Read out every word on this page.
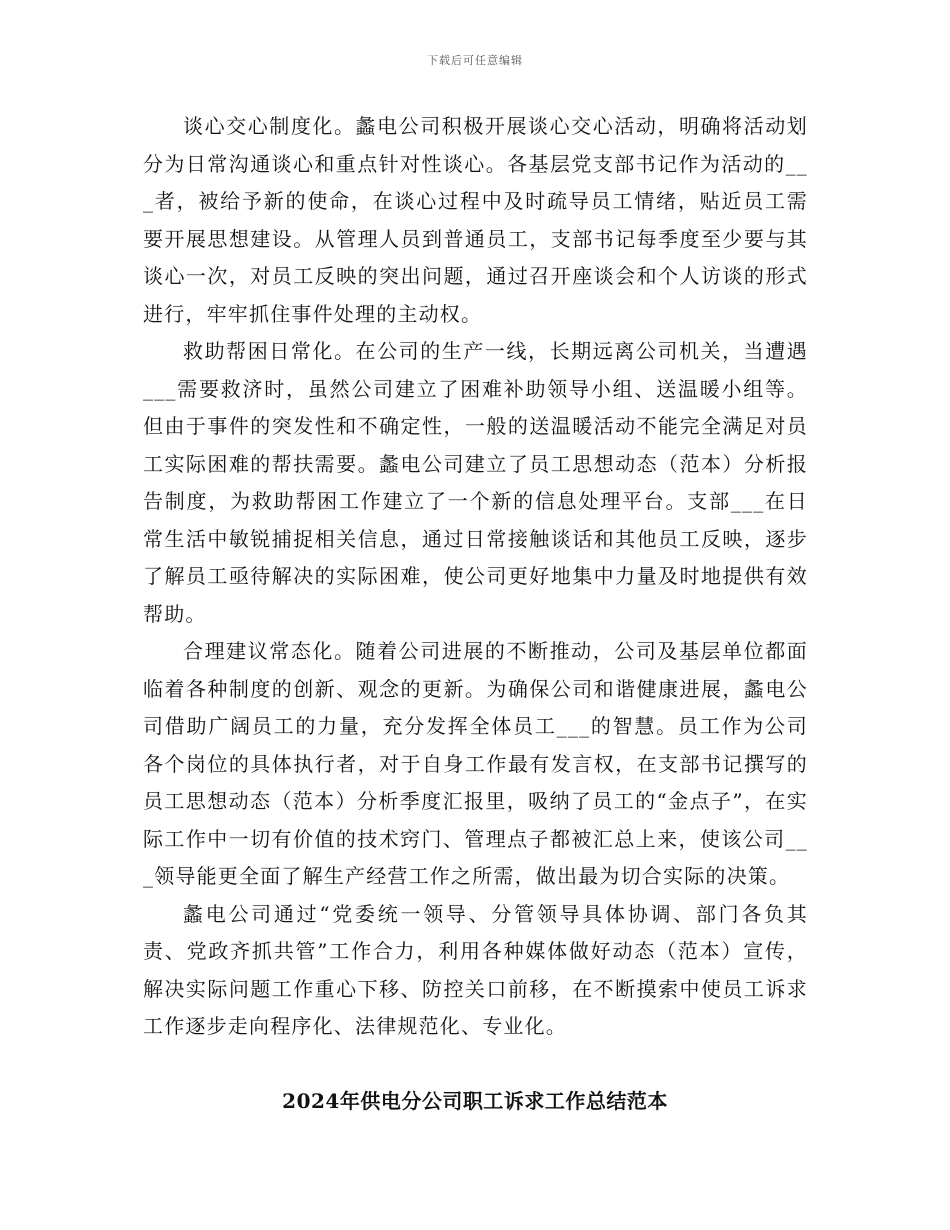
下载后可任意编辑

谈心交心制度化。蠡电公司积极开展谈心交心活动，明确将活动划分为日常沟通谈心和重点针对性谈心。各基层党支部书记作为活动的___者，被给予新的使命，在谈心过程中及时疏导员工情绪，贴近员工需要开展思想建设。从管理人员到普通员工，支部书记每季度至少要与其谈心一次，对员工反映的突出问题，通过召开座谈会和个人访谈的形式进行，牢牢抓住事件处理的主动权。

救助帮困日常化。在公司的生产一线，长期远离公司机关，当遭遇___需要救济时，虽然公司建立了困难补助领导小组、送温暖小组等。但由于事件的突发性和不确定性，一般的送温暖活动不能完全满足对员工实际困难的帮扶需要。蠡电公司建立了员工思想动态（范本）分析报告制度，为救助帮困工作建立了一个新的信息处理平台。支部___在日常生活中敏锐捕捉相关信息，通过日常接触谈话和其他员工反映，逐步了解员工亟待解决的实际困难，使公司更好地集中力量及时地提供有效帮助。

合理建议常态化。随着公司进展的不断推动，公司及基层单位都面临着各种制度的创新、观念的更新。为确保公司和谐健康进展，蠡电公司借助广阔员工的力量，充分发挥全体员工___的智慧。员工作为公司各个岗位的具体执行者，对于自身工作最有发言权，在支部书记撰写的员工思想动态（范本）分析季度汇报里，吸纳了员工的“金点子”，在实际工作中一切有价值的技术窍门、管理点子都被汇总上来，使该公司___领导能更全面了解生产经营工作之所需，做出最为切合实际的决策。

蠡电公司通过“党委统一领导、分管领导具体协调、部门各负其责、党政齐抓共管”工作合力，利用各种媒体做好动态（范本）宣传，解决实际问题工作重心下移、防控关口前移，在不断摸索中使员工诉求工作逐步走向程序化、法律规范化、专业化。

2024年供电分公司职工诉求工作总结范本
